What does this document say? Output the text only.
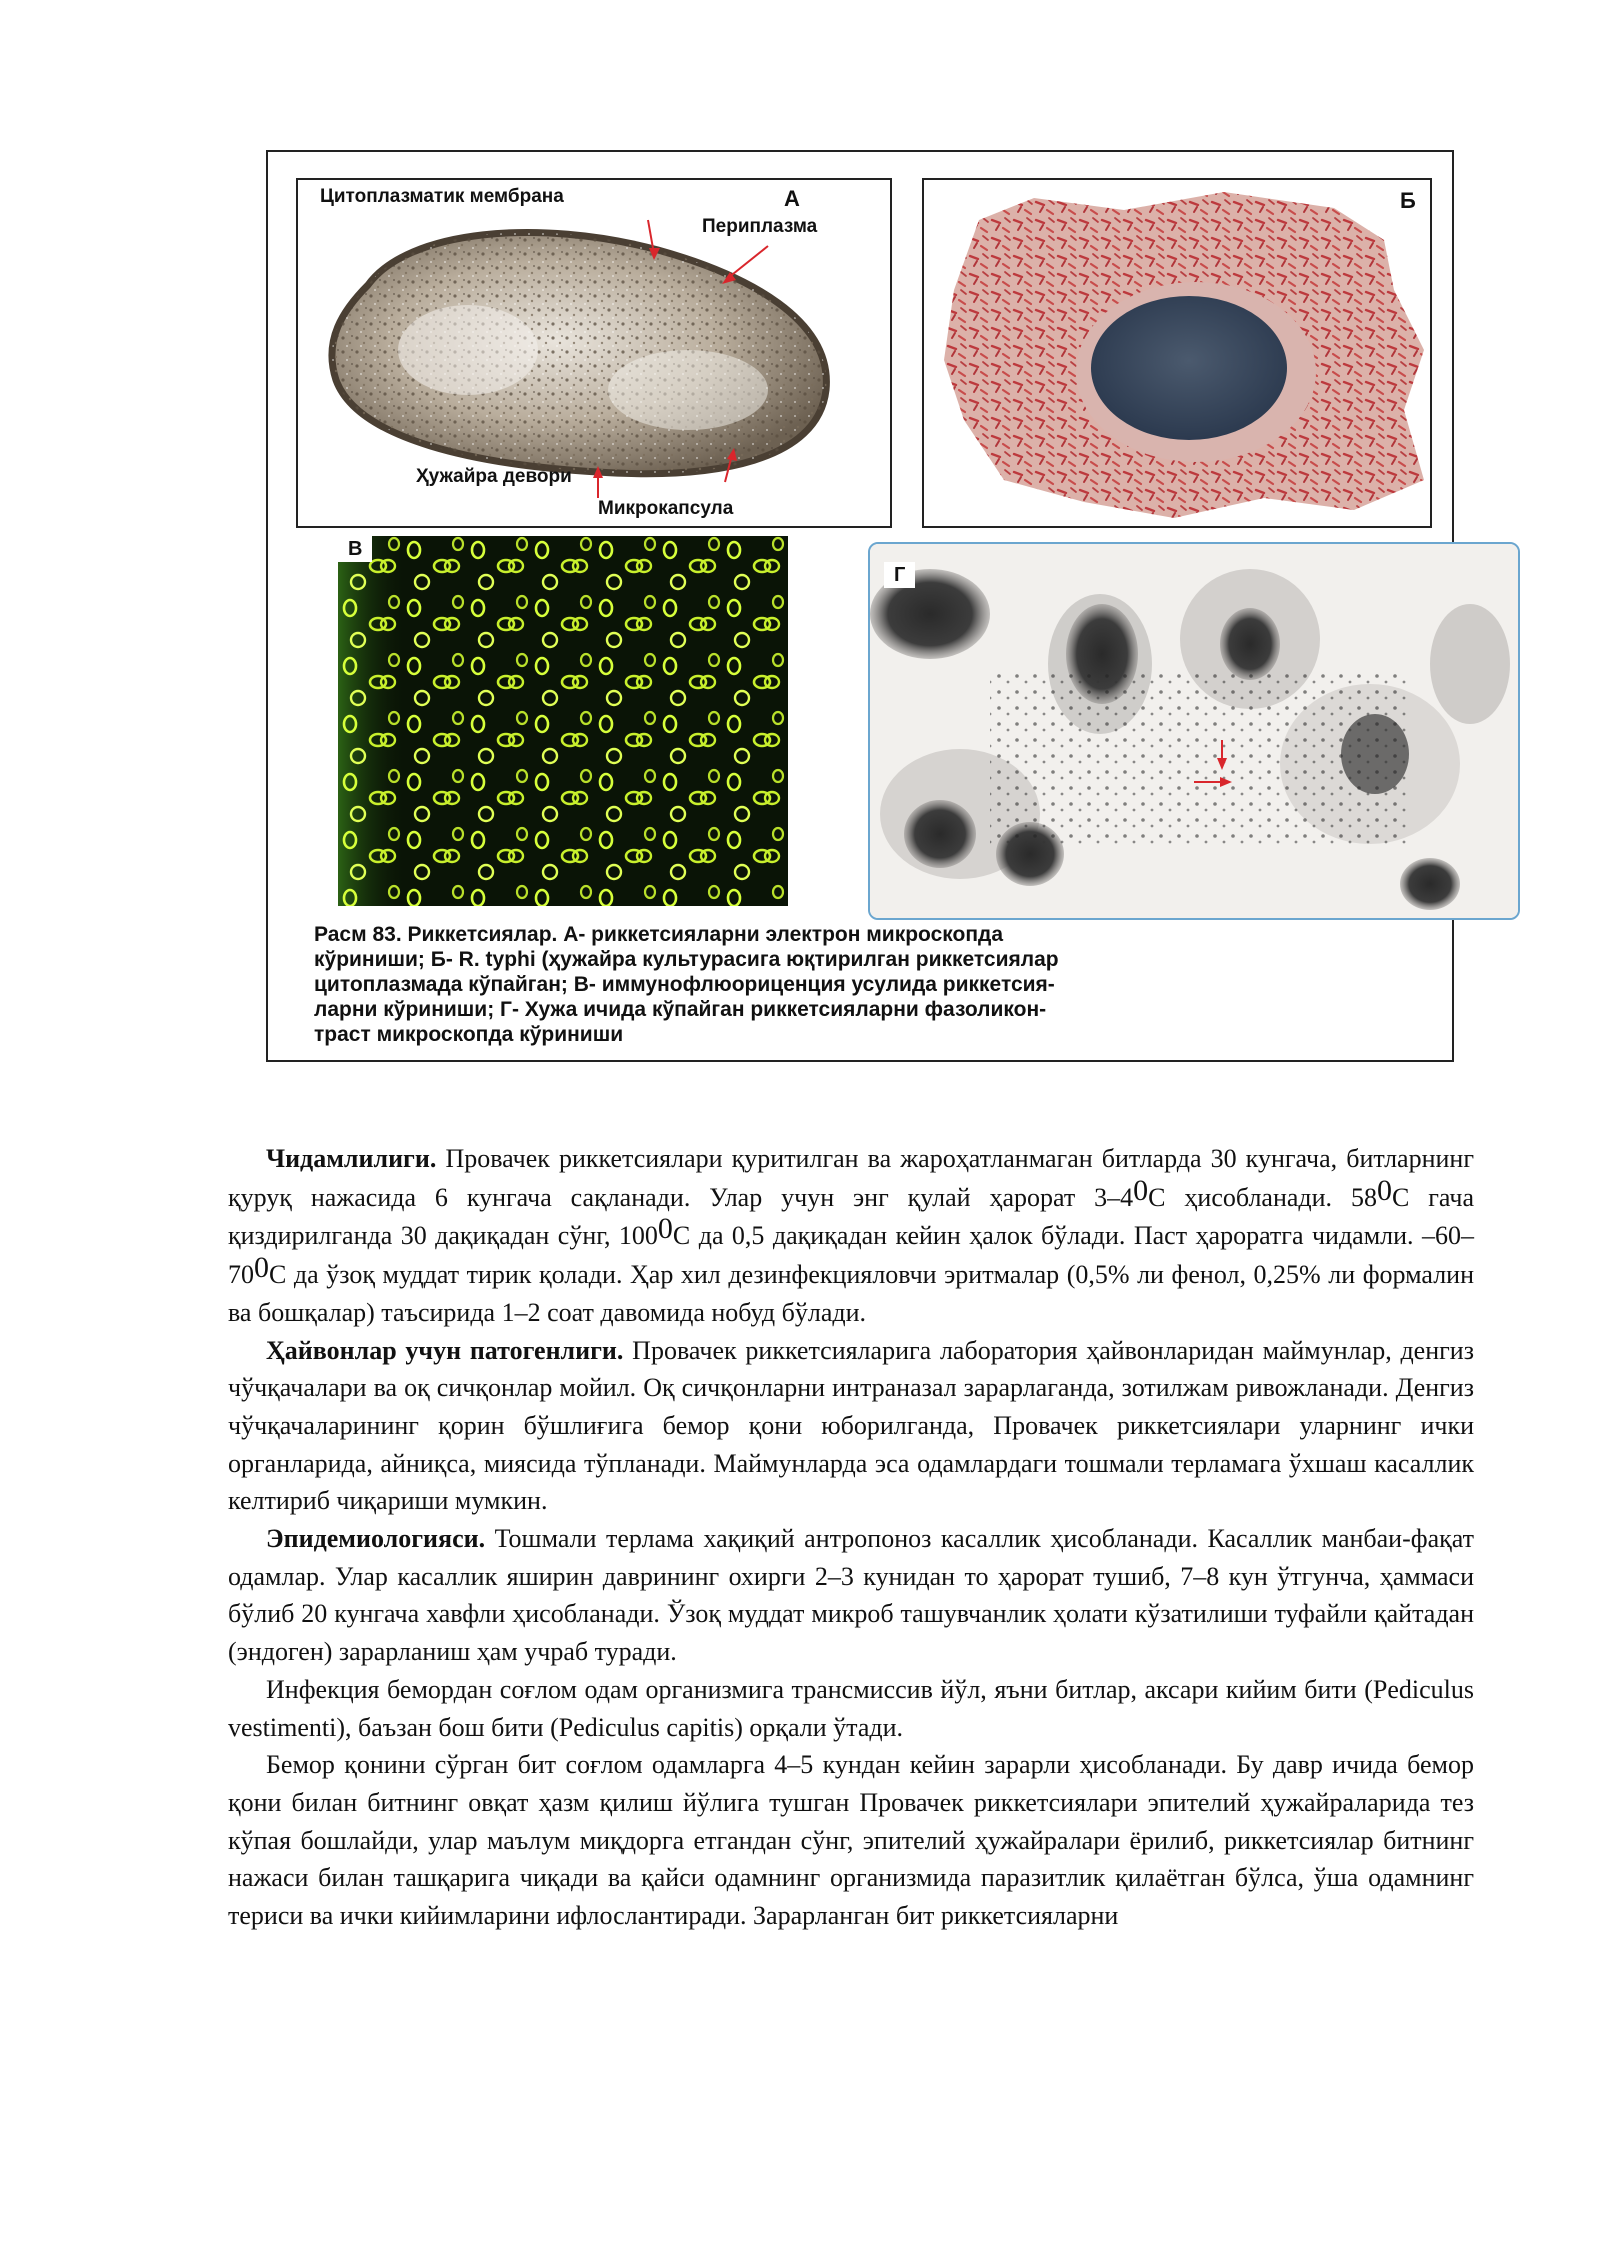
Цитоплазматик мембрана	А
Периплазма
Ҳужайра девори
Микрокапсула
Б
В
Г
Расм 83. Риккетсиялар. А- риккетсияларни электрон микроскопда
кўриниши; Б- R. typhi (ҳужайра культурасига юқтирилган риккетсиялар
цитоплазмада кўпайган; В- иммунофлюориценция усулида риккетсия-
ларни кўриниши; Г- Хужа ичида кўпайган риккетсияларни фазоликон-
траст микроскопда кўриниши

Чидамлилиги. Провачек риккетсиялари қуритилган ва жароҳатланмаган битларда 30 кунгача, битларнинг қуруқ нажасида 6 кунгача сақланади. Улар учун энг қулай ҳарорат 3–40С ҳисобланади. 580С гача қиздирилганда 30 дақиқадан сўнг, 1000С да 0,5 дақиқадан кейин ҳалок бўлади. Паст ҳароратга чидамли. –60–700С да ўзоқ муддат тирик қолади. Ҳар хил дезинфекцияловчи эритмалар (0,5% ли фенол, 0,25% ли формалин ва бошқалар) таъсирида 1–2 соат давомида нобуд бўлади.

Ҳайвонлар учун патогенлиги. Провачек риккетсияларига лаборатория ҳайвонларидан маймунлар, денгиз чўчқачалари ва оқ сичқонлар мойил. Оқ сичқонларни интраназал зарарлаганда, зотилжам ривожланади. Денгиз чўчқачаларининг қорин бўшлиғига бемор қони юборилганда, Провачек риккетсиялари уларнинг ички органларида, айниқса, миясида тўпланади. Маймунларда эса одамлардаги тошмали терламага ўхшаш касаллик келтириб чиқариши мумкин.

Эпидемиологияси. Тошмали терлама хақиқий антропоноз касаллик ҳисобланади. Касаллик манбаи-фақат одамлар. Улар касаллик яширин даврининг охирги 2–3 кунидан то ҳарорат тушиб, 7–8 кун ўтгунча, ҳаммаси бўлиб 20 кунгача хавфли ҳисобланади. Ўзоқ муддат микроб ташувчанлик ҳолати кўзатилиши туфайли қайтадан (эндоген) зарарланиш ҳам учраб туради.

Инфекция бемордан соғлом одам организмига трансмиссив йўл, яъни битлар, аксари кийим бити (Pediculus vestimenti), баъзан бош бити (Pediculus capitis) орқали ўтади.

Бемор қонини сўрган бит соғлом одамларга 4–5 кундан кейин зарарли ҳисобланади. Бу давр ичида бемор қони билан битнинг овқат ҳазм қилиш йўлига тушган Провачек риккетсиялари эпителий ҳужайраларида тез кўпая бошлайди, улар маълум миқдорга етгандан сўнг, эпителий ҳужайралари ёрилиб, риккетсиялар битнинг нажаси билан ташқарига чиқади ва қайси одамнинг организмида паразитлик қилаётган бўлса, ўша одамнинг териси ва ички кийимларини ифлослантиради. Зарарланган бит риккетсияларни
